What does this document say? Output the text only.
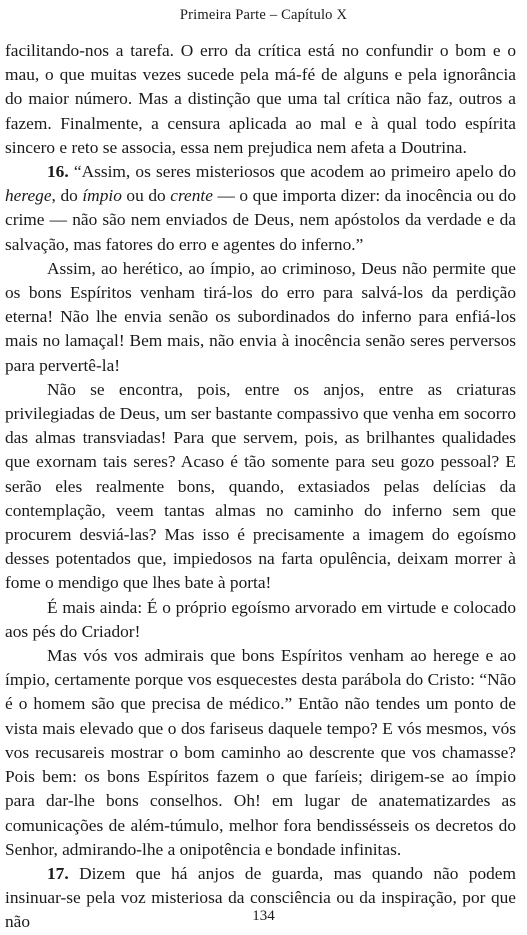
Primeira Parte – Capítulo X

facilitando-nos a tarefa. O erro da crítica está no confundir o bom e o mau, o que muitas vezes sucede pela má-fé de alguns e pela ignorância do maior número. Mas a distinção que uma tal crítica não faz, outros a fazem. Finalmente, a censura aplicada ao mal e à qual todo espírita sincero e reto se associa, essa nem prejudica nem afeta a Doutrina.

16. “Assim, os seres misteriosos que acodem ao primeiro apelo do herege, do ímpio ou do crente — o que importa dizer: da inocência ou do crime — não são nem enviados de Deus, nem apóstolos da verdade e da salvação, mas fatores do erro e agentes do inferno.”

Assim, ao herético, ao ímpio, ao criminoso, Deus não permite que os bons Espíritos venham tirá-los do erro para salvá-los da perdição eterna! Não lhe envia senão os subordinados do inferno para enfiá-los mais no lamaçal! Bem mais, não envia à inocência senão seres perversos para pervertê-la!

Não se encontra, pois, entre os anjos, entre as criaturas privilegiadas de Deus, um ser bastante compassivo que venha em socorro das almas transviadas! Para que servem, pois, as brilhantes qualidades que exornam tais seres? Acaso é tão somente para seu gozo pessoal? E serão eles realmente bons, quando, extasiados pelas delícias da contemplação, veem tantas almas no caminho do inferno sem que procurem desviá-las? Mas isso é precisamente a imagem do egoísmo desses potentados que, impiedosos na farta opulência, deixam morrer à fome o mendigo que lhes bate à porta!

É mais ainda: É o próprio egoísmo arvorado em virtude e colocado aos pés do Criador!

Mas vós vos admirais que bons Espíritos venham ao herege e ao ímpio, certamente porque vos esquecestes desta parábola do Cristo: “Não é o homem são que precisa de médico.” Então não tendes um ponto de vista mais elevado que o dos fariseus daquele tempo? E vós mesmos, vós vos recusareis mostrar o bom caminho ao descrente que vos chamasse? Pois bem: os bons Espíritos fazem o que faríeis; dirigem-se ao ímpio para dar-lhe bons conselhos. Oh! em lugar de anatematizardes as comunicações de além-túmulo, melhor fora bendissésseis os decretos do Senhor, admirando-lhe a onipotência e bondade infinitas.

17. Dizem que há anjos de guarda, mas quando não podem insinuar-se pela voz misteriosa da consciência ou da inspiração, por que não	134
